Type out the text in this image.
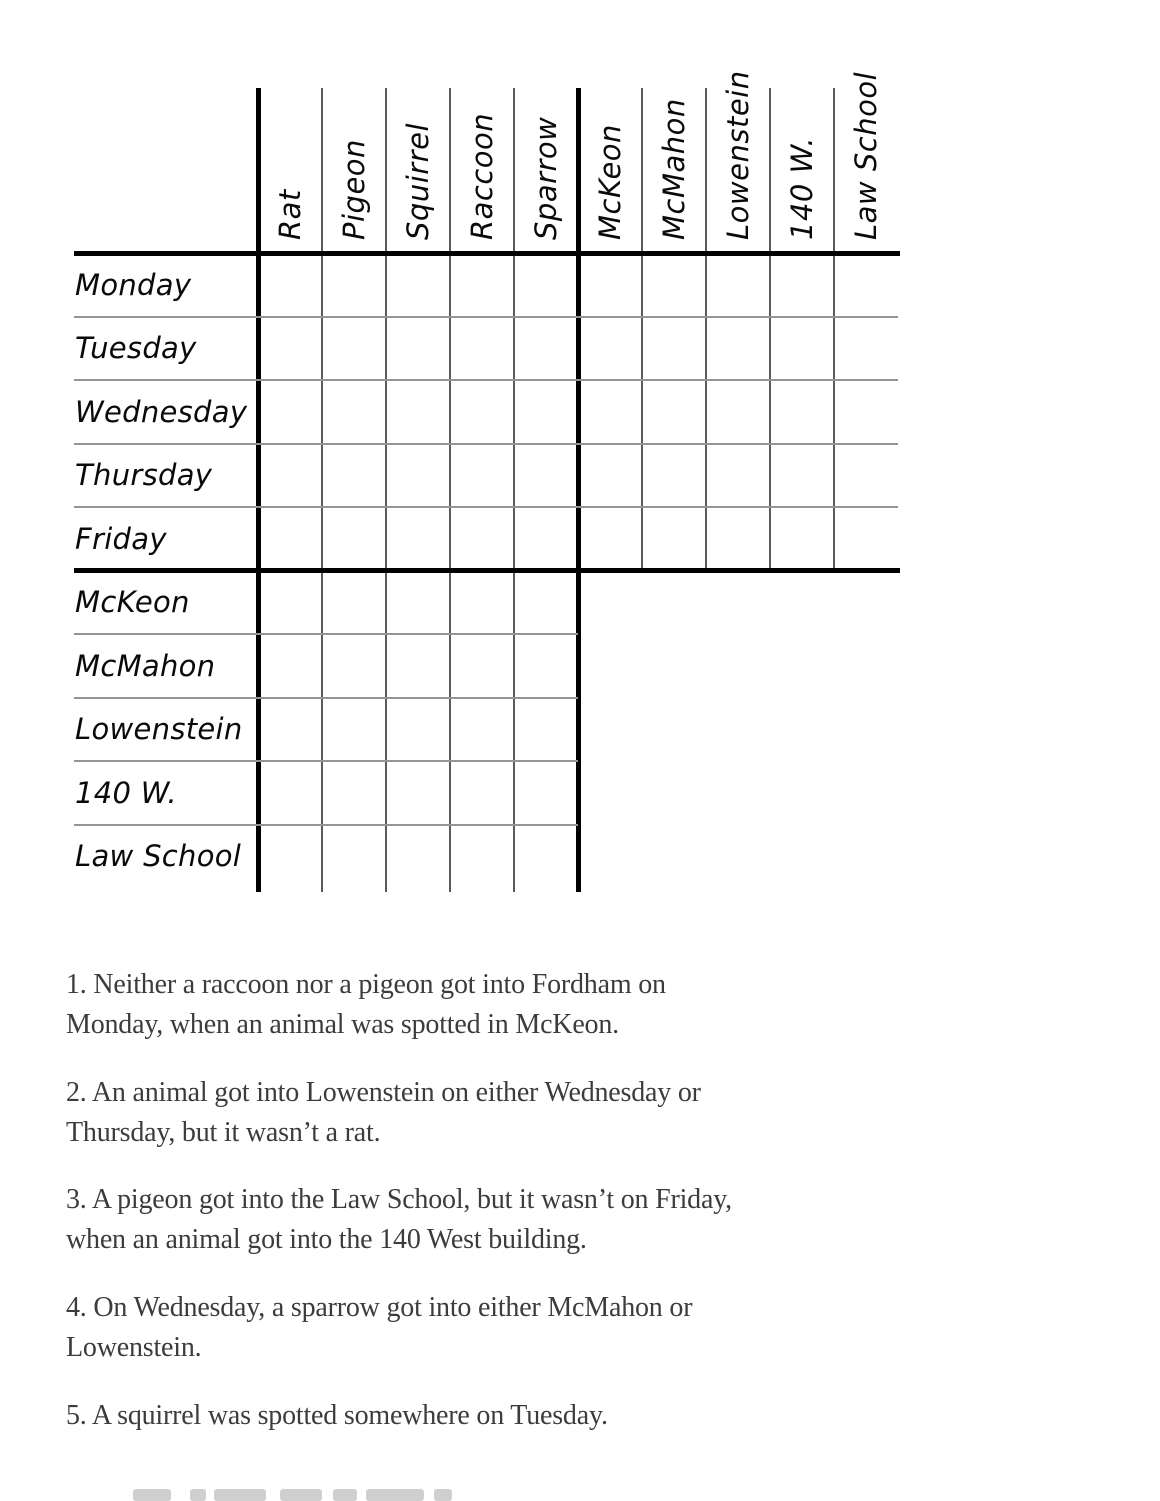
Rat Pigeon Squirrel Raccoon Sparrow McKeon McMahon Lowenstein 140 W. Law School
Monday
Tuesday
Wednesday
Thursday
Friday
McKeon
McMahon
Lowenstein
140 W.
Law School
1. Neither a raccoon nor a pigeon got into Fordham on
Monday, when an animal was spotted in McKeon.
2. An animal got into Lowenstein on either Wednesday or
Thursday, but it wasn’t a rat.
3. A pigeon got into the Law School, but it wasn’t on Friday,
when an animal got into the 140 West building.
4. On Wednesday, a sparrow got into either McMahon or
Lowenstein.
5. A squirrel was spotted somewhere on Tuesday.
